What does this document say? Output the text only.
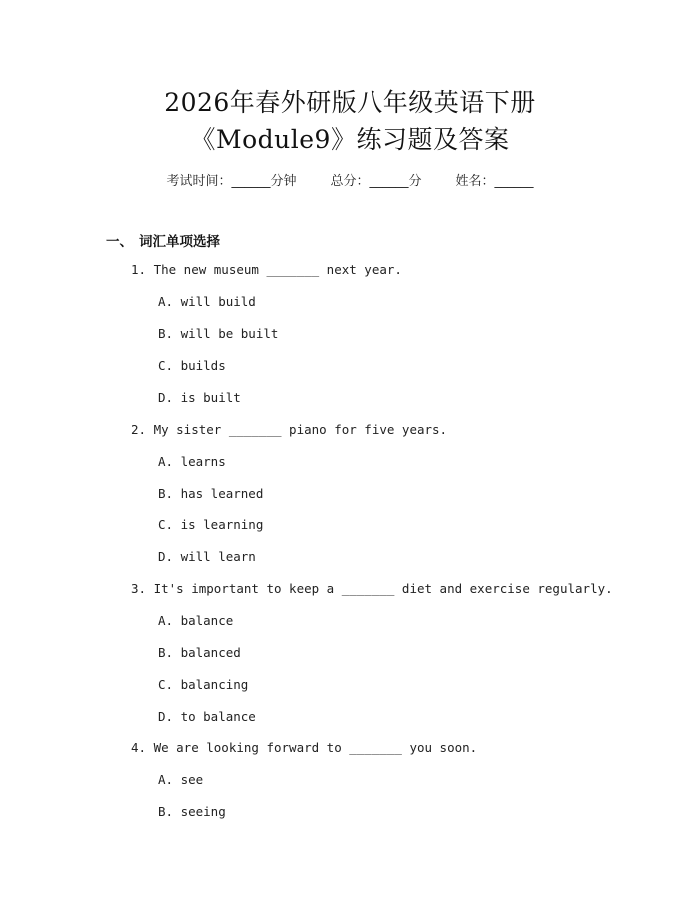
2026年春外研版八年级英语下册
《Module9》练习题及答案
考试时间：______分钟	总分：______分	姓名：______
一、 词汇单项选择
1. The new museum _______ next year.
A. will build
B. will be built
C. builds
D. is built
2. My sister _______ piano for five years.
A. learns
B. has learned
C. is learning
D. will learn
3. It's important to keep a _______ diet and exercise regularly.
A. balance
B. balanced
C. balancing
D. to balance
4. We are looking forward to _______ you soon.
A. see
B. seeing
